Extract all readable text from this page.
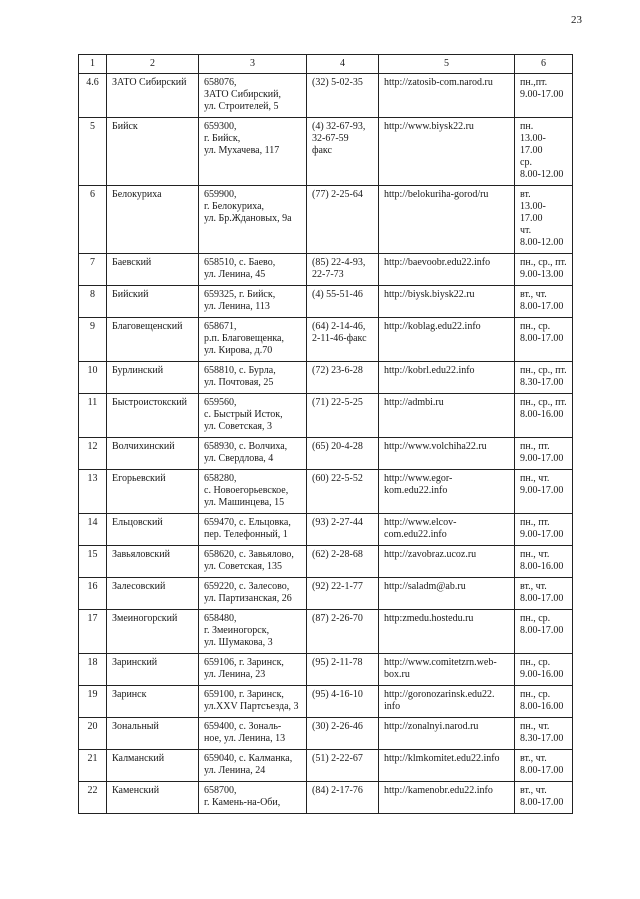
23
1	2	3	4	5	6
4.6	ЗАТО Сибирский	658076,
ЗАТО Сибирский,
ул. Строителей, 5	(32) 5-02-35	http://zatosib-com.narod.ru	пн.,пт.
9.00-17.00
5	Бийск	659300,
г. Бийск,
ул. Мухачева, 117	(4) 32-67-93,
32-67-59
факс	http://www.biysk22.ru	пн.
13.00-17.00
ср.
8.00-12.00
6	Белокуриха	659900,
г. Белокуриха,
ул. Бр.Ждановых, 9а	(77) 2-25-64	http://belokuriha-gorod/ru	вт.
13.00-17.00
чт.
8.00-12.00
7	Баевский	658510, с. Баево,
ул. Ленина, 45	(85) 22-4-93,
22-7-73	http://baevoobr.edu22.info	пн., ср., пт.
9.00-13.00
8	Бийский	659325, г. Бийск,
ул. Ленина, 113	(4) 55-51-46	http://biysk.biysk22.ru	вт., чт.
8.00-17.00
9	Благовещенский	658671,
р.п. Благовещенка,
ул. Кирова, д.70	(64) 2-14-46,
2-11-46-факс	http://koblag.edu22.info	пн., ср.
8.00-17.00
10	Бурлинский	658810, с. Бурла,
ул. Почтовая, 25	(72) 23-6-28	http://kobrl.edu22.info	пн., ср., пт.
8.30-17.00
11	Быстроистокский	659560,
с. Быстрый Исток,
ул. Советская, 3	(71) 22-5-25	http://admbi.ru	пн., ср., пт.
8.00-16.00
12	Волчихинский	658930, с. Волчиха,
ул. Свердлова, 4	(65) 20-4-28	http://www.volchiha22.ru	пн., пт.
9.00-17.00
13	Егорьевский	658280,
с. Новоегорьевское,
ул. Машинцева, 15	(60) 22-5-52	http://www.egor-
kom.edu22.info	пн., чт.
9.00-17.00
14	Ельцовский	659470, с. Ельцовка,
пер. Телефонный, 1	(93) 2-27-44	http://www.elcov-
com.edu22.info	пн., пт.
9.00-17.00
15	Завьяловский	658620, с. Завьялово,
ул. Советская, 135	(62) 2-28-68	http://zavobraz.ucoz.ru	пн., чт.
8.00-16.00
16	Залесовский	659220, с. Залесово,
ул. Партизанская, 26	(92) 22-1-77	http://saladm@ab.ru	вт., чт.
8.00-17.00
17	Змеиногорский	658480,
г. Змеиногорск,
ул. Шумакова, 3	(87) 2-26-70	http:zmedu.hostedu.ru	пн., ср.
8.00-17.00
18	Заринский	659106, г. Заринск,
ул. Ленина, 23	(95) 2-11-78	http://www.comitetzrn.web-
box.ru	пн., ср.
9.00-16.00
19	Заринск	659100, г. Заринск,
ул.XXV Партсъезда, 3	(95) 4-16-10	http://goronozarinsk.edu22.
info	пн., ср.
8.00-16.00
20	Зональный	659400, с. Зональ-
ное, ул. Ленина, 13	(30) 2-26-46	http://zonalnyi.narod.ru	пн., чт.
8.30-17.00
21	Калманский	659040, с. Калманка,
ул. Ленина, 24	(51) 2-22-67	http://klmkomitet.edu22.info	вт., чт.
8.00-17.00
22	Каменский	658700,
г. Камень-на-Оби,	(84) 2-17-76	http://kamenobr.edu22.info	вт., чт.
8.00-17.00
